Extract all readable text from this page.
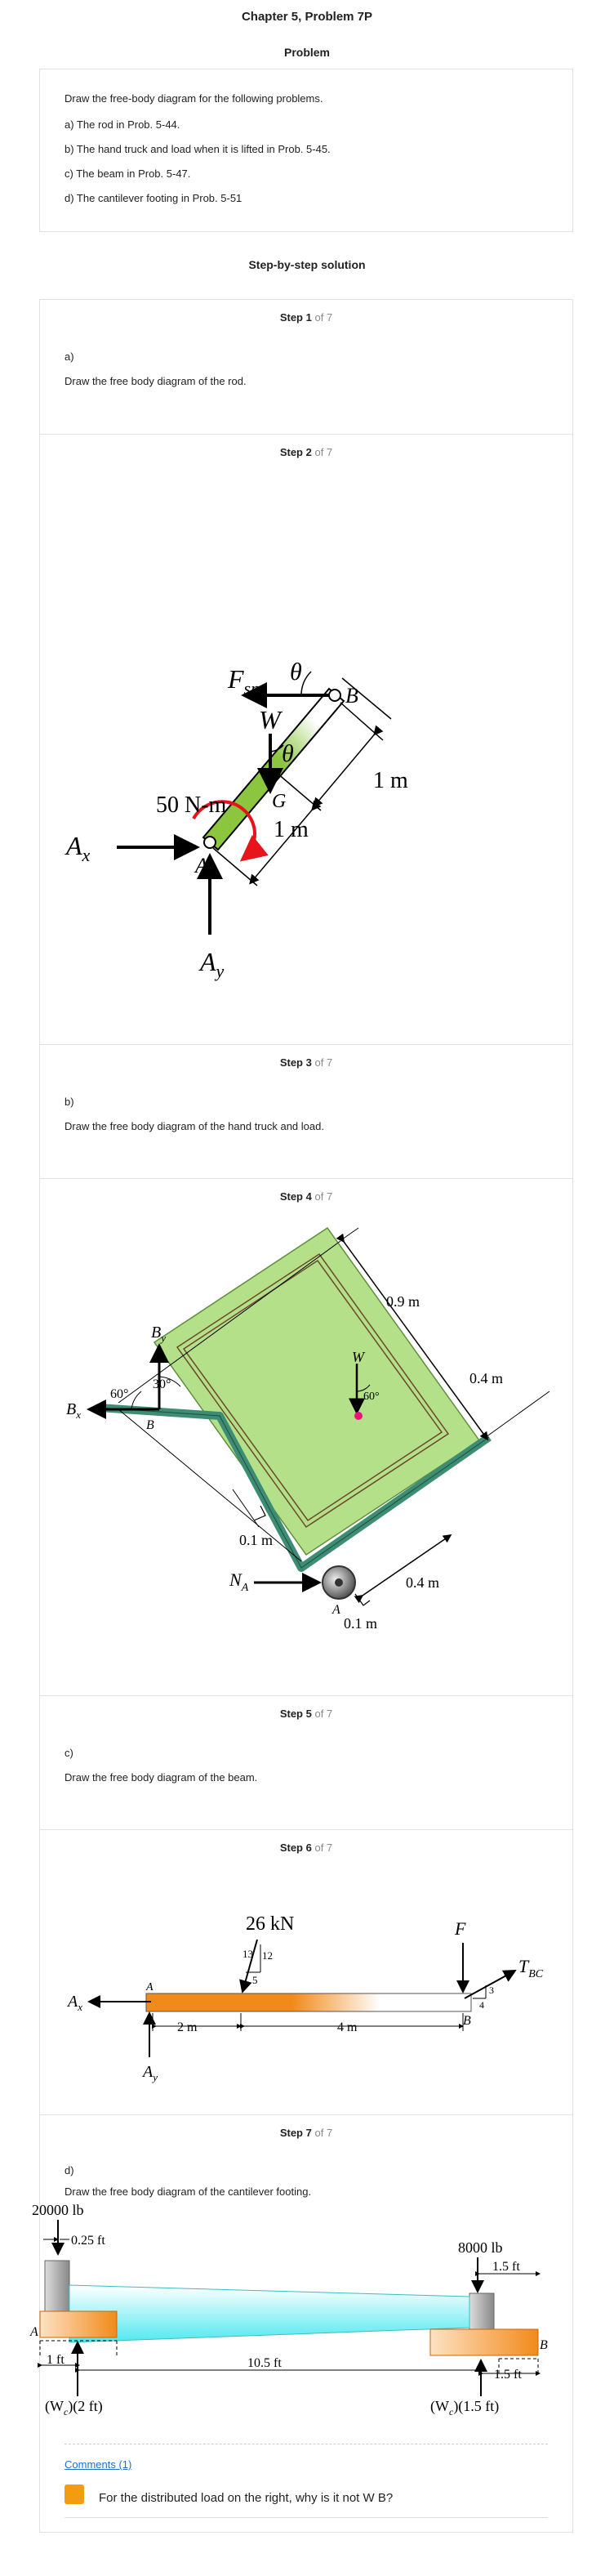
Chapter 5, Problem 7P
Problem
Draw the free-body diagram for the following problems.
a) The rod in Prob. 5-44.
b) The hand truck and load when it is lifted in Prob. 5-45.
c) The beam in Prob. 5-47.
d) The cantilever footing in Prob. 5-51
Step-by-step solution
Step 1 of 7
a)
Draw the free body diagram of the rod.
Step 2 of 7
$F_{sp}$
θ
B
W
θ
G
1 m
1 m
50 N-m
$A_x$	A
$A_y$
Step 3 of 7
b)
Draw the free body diagram of the hand truck and load.
Step 4 of 7
0.9 m
0.4 m
0.1 m
0.4 m
0.1 m
W
60°
$B_y$
$B_x$
B
30°
60°
$N_A$
A
Step 5 of 7
c)
Draw the free body diagram of the beam.
Step 6 of 7
26 kN
13 12
5
F
$T_{BC}$
3
4
B
$A_x$
A
$A_y$
2 m	4 m
Step 7 of 7
d)
Draw the free body diagram of the cantilever footing.
20000 lb
0.25 ft	8000 lb
1.5 ft
A
B
1 ft	10.5 ft
1.5 ft
$(W_c)(2$ ft)	$(W_c)(1.5$ ft)
Comments (1)
For the distributed load on the right, why is it not W B?
